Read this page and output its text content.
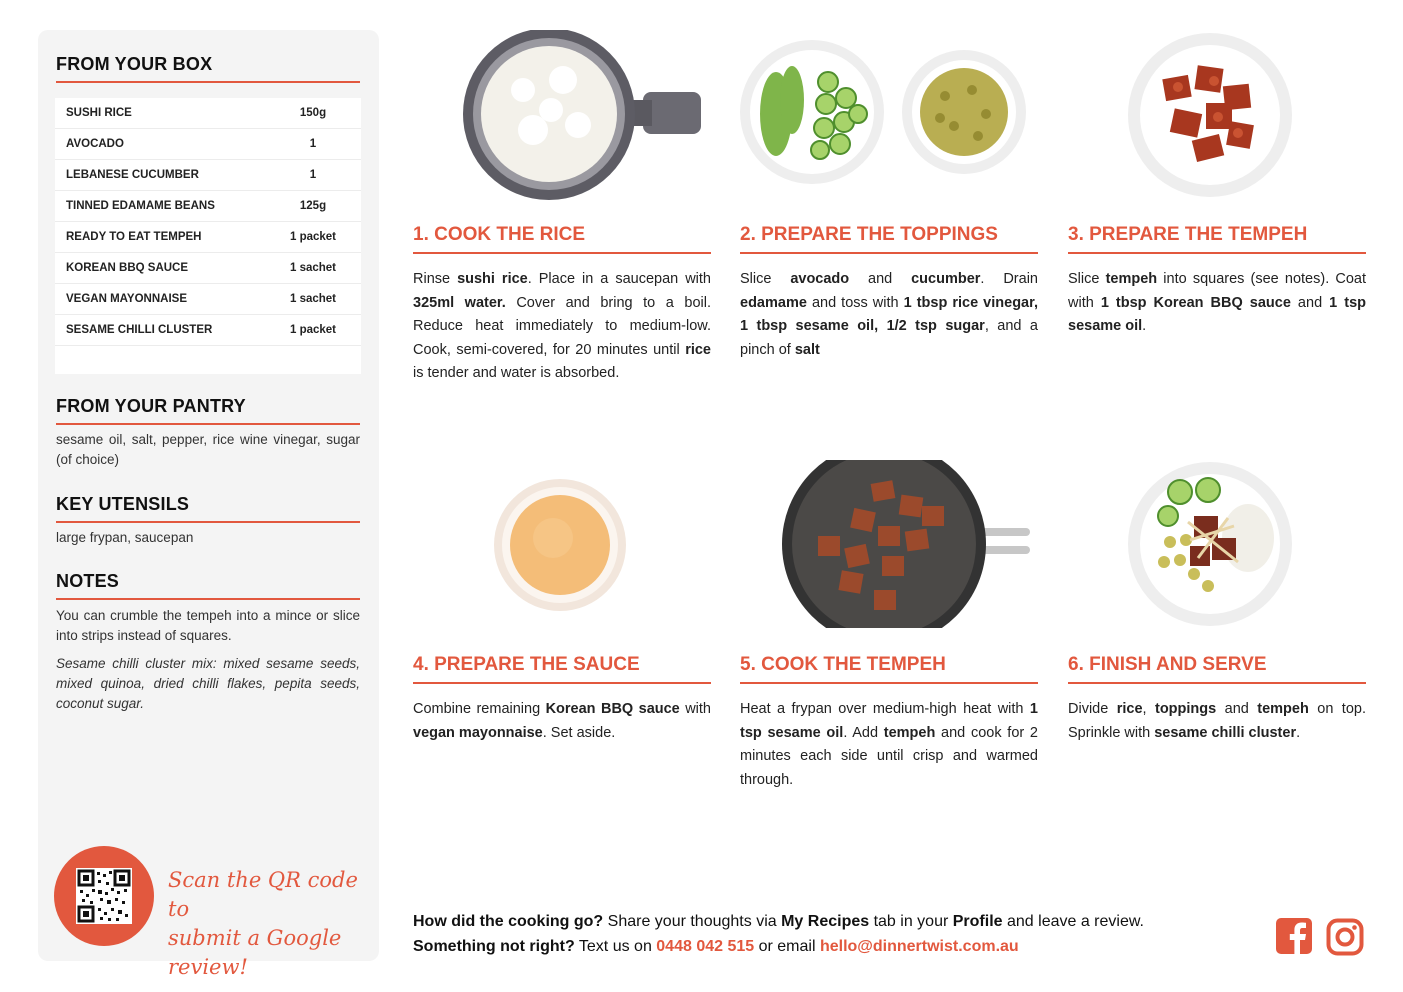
FROM YOUR BOX
SUSHI RICE	150g
AVOCADO	1
LEBANESE CUCUMBER	1
TINNED EDAMAME BEANS	125g
READY TO EAT TEMPEH	1 packet
KOREAN BBQ SAUCE	1 sachet
VEGAN MAYONNAISE	1 sachet
SESAME CHILLI CLUSTER	1 packet
FROM YOUR PANTRY
sesame oil, salt, pepper, rice wine vinegar, sugar (of choice)
KEY UTENSILS
large frypan, saucepan
NOTES
You can crumble the tempeh into a mince or slice into strips instead of squares.
Sesame chilli cluster mix: mixed sesame seeds, mixed quinoa, dried chilli flakes, pepita seeds, coconut sugar.
Scan the QR code to
submit a Google review!
1. COOK THE RICE

Rinse sushi rice. Place in a saucepan with 325ml water. Cover and bring to a boil. Reduce heat immediately to medium-low. Cook, semi-covered, for 20 minutes until rice is tender and water is absorbed.

2. PREPARE THE TOPPINGS

Slice avocado and cucumber. Drain edamame and toss with 1 tbsp rice vinegar, 1 tbsp sesame oil, 1/2 tsp sugar, and a pinch of salt

3. PREPARE THE TEMPEH

Slice tempeh into squares (see notes). Coat with 1 tbsp Korean BBQ sauce and 1 tsp sesame oil.

4. PREPARE THE SAUCE

Combine remaining Korean BBQ sauce with vegan mayonnaise. Set aside.

5. COOK THE TEMPEH

Heat a frypan over medium-high heat with 1 tsp sesame oil. Add tempeh and cook for 2 minutes each side until crisp and warmed through.

6. FINISH AND SERVE

Divide rice, toppings and tempeh on top. Sprinkle with sesame chilli cluster.

How did the cooking go? Share your thoughts via My Recipes tab in your Profile and leave a review.
Something not right? Text us on 0448 042 515 or email hello@dinnertwist.com.au
